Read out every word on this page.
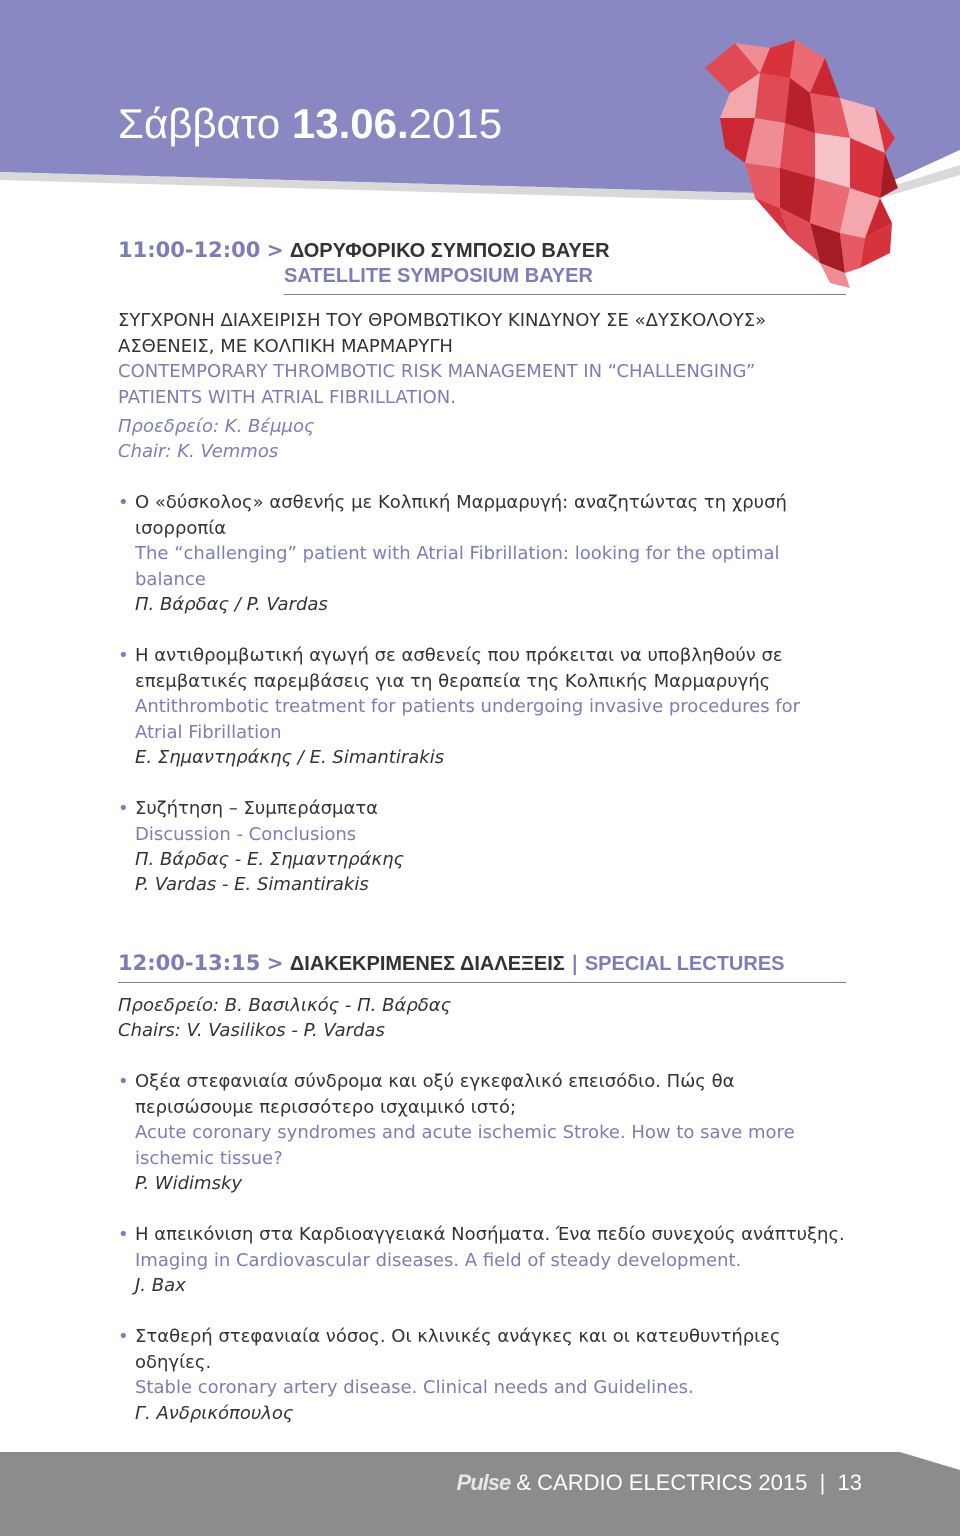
Σάββατο 13.06.2015
11:00-12:00 > ΔΟΡΥΦΟΡΙΚΟ ΣΥΜΠΟΣΙΟ BAYER
SATELLITE SYMPOSIUM BAYER
ΣΥΓΧΡΟΝΗ ΔΙΑΧΕΙΡΙΣΗ ΤΟΥ ΘΡΟΜΒΩΤΙΚΟΥ ΚΙΝΔΥΝΟΥ ΣΕ «ΔΥΣΚΟΛΟΥΣ»
ΑΣΘΕΝΕΙΣ, ΜΕ ΚΟΛΠΙΚΗ ΜΑΡΜΑΡΥΓΗ
CONTEMPORARY THROMBOTIC RISK MANAGEMENT IN “CHALLENGING”
PATIENTS WITH ATRIAL FIBRILLATION.
Προεδρείο: Κ. Βέμμος
Chair: K. Vemmos
• Ο «δύσκολος» ασθενής με Κολπική Μαρμαρυγή: αναζητώντας τη χρυσή
ισορροπία
The “challenging” patient with Atrial Fibrillation: looking for the optimal
balance
Π. Βάρδας / P. Vardas
• Η αντιθρομβωτική αγωγή σε ασθενείς που πρόκειται να υποβληθούν σε
επεμβατικές παρεμβάσεις για τη θεραπεία της Κολπικής Μαρμαρυγής
Antithrombotic treatment for patients undergoing invasive procedures for
Atrial Fibrillation
Ε. Σημαντηράκης / E. Simantirakis
• Συζήτηση – Συμπεράσματα
Discussion - Conclusions
Π. Βάρδας - Ε. Σημαντηράκης
P. Vardas - E. Simantirakis
12:00-13:15 > ΔΙΑΚΕΚΡΙΜΕΝΕΣ ΔΙΑΛΕΞΕΙΣ | SPECIAL LECTURES
Προεδρείο: Β. Βασιλικός - Π. Βάρδας
Chairs: V. Vasilikos - P. Vardas
• Οξέα στεφανιαία σύνδρομα και οξύ εγκεφαλικό επεισόδιο. Πώς θα
περισώσουμε περισσότερο ισχαιμικό ιστό;
Acute coronary syndromes and acute ischemic Stroke. How to save more
ischemic tissue?
P. Widimsky
• Η απεικόνιση στα Καρδιοαγγειακά Νοσήματα. Ένα πεδίο συνεχούς ανάπτυξης.
Imaging in Cardiovascular diseases. A field of steady development.
J. Bax
• Σταθερή στεφανιαία νόσος. Οι κλινικές ανάγκες και οι κατευθυντήριες
οδηγίες.
Stable coronary artery disease. Clinical needs and Guidelines.
Γ. Ανδρικόπουλος
Pulse & CARDIO ELECTRICS 2015 | 13
